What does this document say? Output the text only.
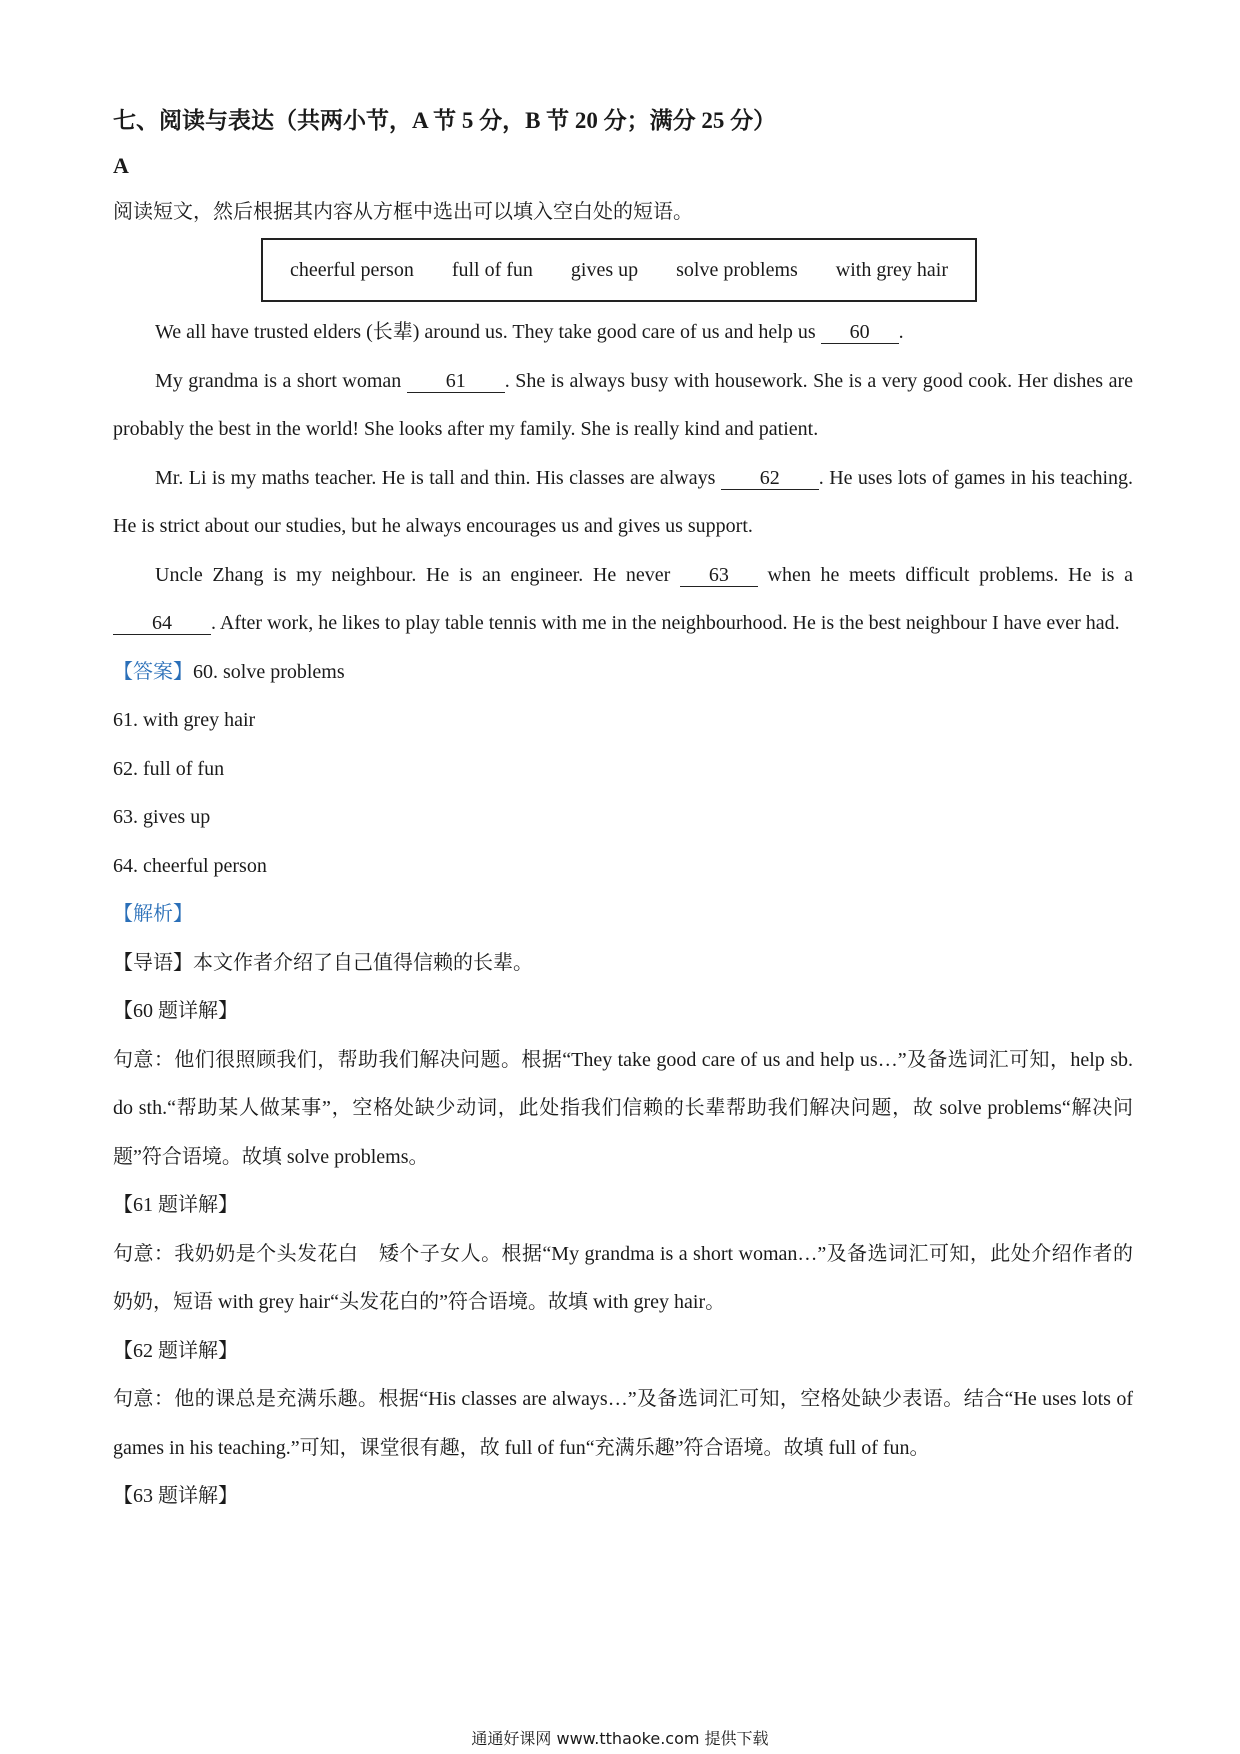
七、阅读与表达（共两小节，A 节 5 分，B 节 20 分；满分 25 分）

A

阅读短文，然后根据其内容从方框中选出可以填入空白处的短语。

cheerful person full of fun gives up solve problems with grey hair

We all have trusted elders (长辈) around us. They take good care of us and help us 60 .

My grandma is a short woman 61 . She is always busy with housework. She is a very good cook. Her dishes are probably the best in the world! She looks after my family. She is really kind and patient.

Mr. Li is my maths teacher. He is tall and thin. His classes are always 62 . He uses lots of games in his teaching. He is strict about our studies, but he always encourages us and gives us support.

Uncle Zhang is my neighbour. He is an engineer. He never 63 when he meets difficult problems. He is a 64 . After work, he likes to play table tennis with me in the neighbourhood. He is the best neighbour I have ever had.

【答案】60. solve problems

61. with grey hair

62. full of fun

63. gives up

64. cheerful person

【解析】

【导语】本文作者介绍了自己值得信赖的长辈。

【60 题详解】

句意：他们很照顾我们，帮助我们解决问题。根据“They take good care of us and help us…”及备选词汇可知，help sb. do sth.“帮助某人做某事”，空格处缺少动词，此处指我们信赖的长辈帮助我们解决问题，故 solve problems“解决问题”符合语境。故填 solve problems。

【61 题详解】

句意：我奶奶是个头发花白　矮个子女人。根据“My grandma is a short woman…”及备选词汇可知，此处介绍作者的奶奶，短语 with grey hair“头发花白的”符合语境。故填 with grey hair。

【62 题详解】

句意：他的课总是充满乐趣。根据“His classes are always…”及备选词汇可知，空格处缺少表语。结合“He uses lots of games in his teaching.”可知，课堂很有趣，故 full of fun“充满乐趣”符合语境。故填 full of fun。

【63 题详解】

通通好课网 www.tthaoke.com 提供下载
